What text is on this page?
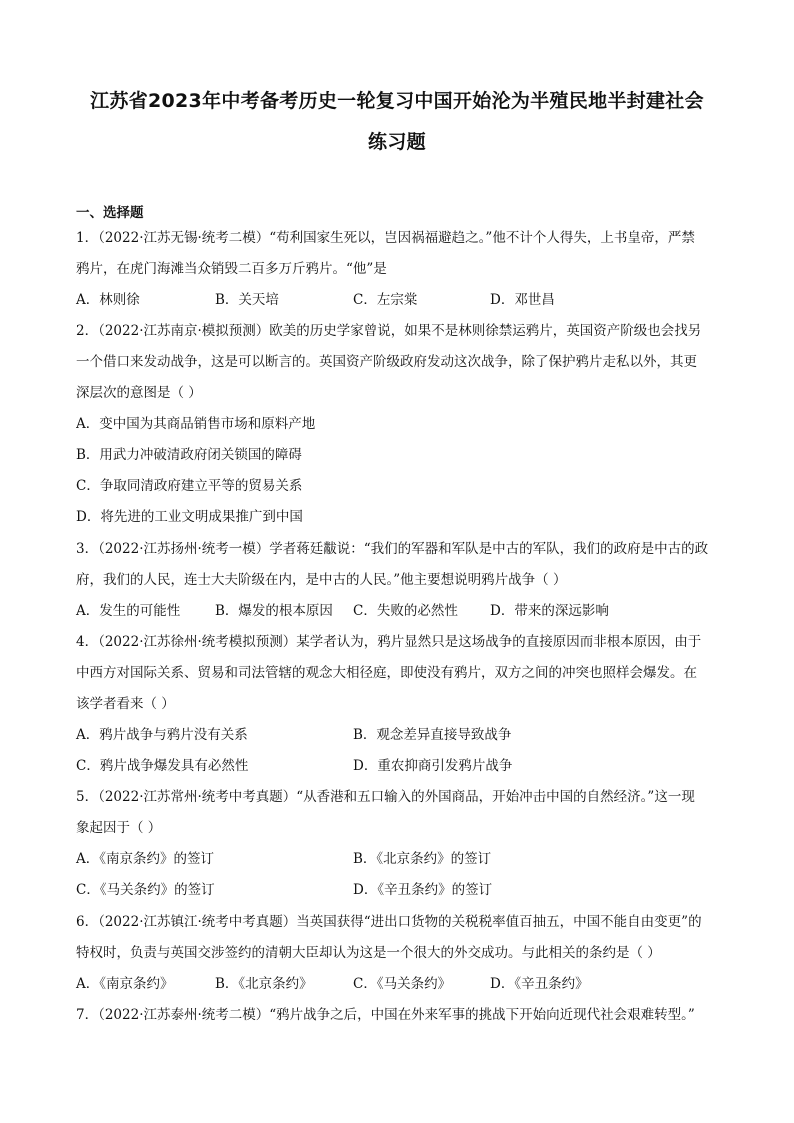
江苏省2023年中考备考历史一轮复习中国开始沦为半殖民地半封建社会
练习题
一、选择题
1．（2022·江苏无锡·统考二模）“苟利国家生死以，岂因祸福避趋之。”他不计个人得失，上书皇帝，严禁
鸦片，在虎门海滩当众销毁二百多万斤鸦片。“他”是
A．林则徐	B．关天培	C．左宗棠	D．邓世昌
2．（2022·江苏南京·模拟预测）欧美的历史学家曾说，如果不是林则徐禁运鸦片，英国资产阶级也会找另
一个借口来发动战争，这是可以断言的。英国资产阶级政府发动这次战争，除了保护鸦片走私以外，其更
深层次的意图是（ ）
A．变中国为其商品销售市场和原料产地
B．用武力冲破清政府闭关锁国的障碍
C．争取同清政府建立平等的贸易关系
D．将先进的工业文明成果推广到中国
3．（2022·江苏扬州·统考一模）学者蒋廷黻说：“我们的军器和军队是中古的军队，我们的政府是中古的政
府，我们的人民，连士大夫阶级在内，是中古的人民。”他主要想说明鸦片战争（ ）
A．发生的可能性	B．爆发的根本原因 C．失败的必然性 D．带来的深远影响
4．（2022·江苏徐州·统考模拟预测）某学者认为，鸦片显然只是这场战争的直接原因而非根本原因，由于
中西方对国际关系、贸易和司法管辖的观念大相径庭，即使没有鸦片，双方之间的冲突也照样会爆发。在
该学者看来（ ）
A．鸦片战争与鸦片没有关系	B．观念差异直接导致战争
C．鸦片战争爆发具有必然性	D．重农抑商引发鸦片战争
5．（2022·江苏常州·统考中考真题）“从香港和五口输入的外国商品，开始冲击中国的自然经济。”这一现
象起因于（ ）
A．《南京条约》的签订	B．《北京条约》的签订
C．《马关条约》的签订	D．《辛丑条约》的签订
6．（2022·江苏镇江·统考中考真题）当英国获得“进出口货物的关税税率值百抽五，中国不能自由变更”的
特权时，负责与英国交涉签约的清朝大臣却认为这是一个很大的外交成功。与此相关的条约是（ ）
A．《南京条约》	B．《北京条约》	C．《马关条约》	D．《辛丑条约》
7．（2022·江苏泰州·统考二模）“鸦片战争之后，中国在外来军事的挑战下开始向近现代社会艰难转型。”
